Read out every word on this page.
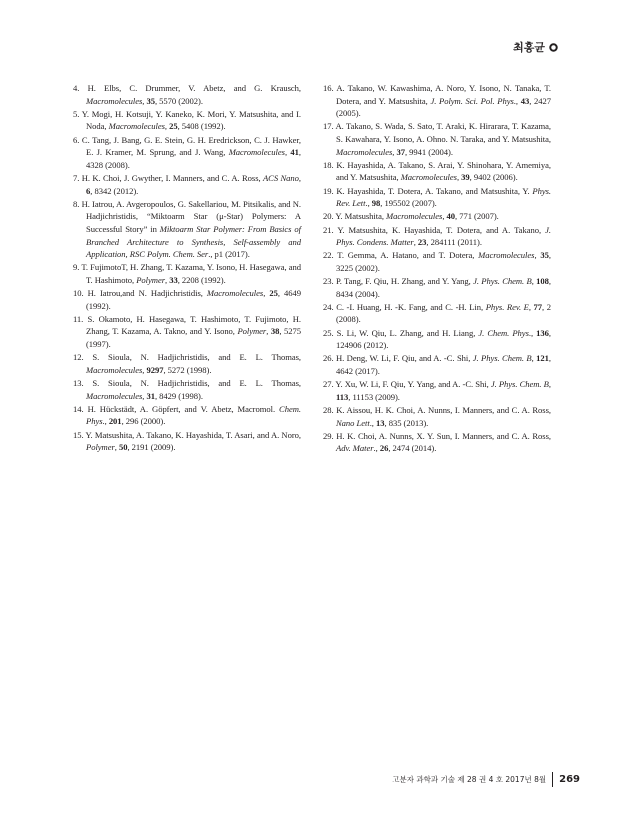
최홍균

4. H. Elbs, C. Drummer, V. Abetz, and G. Krausch, Macromolecules, 35, 5570 (2002).

5. Y. Mogi, H. Kotsuji, Y. Kaneko, K. Mori, Y. Matsushita, and I. Noda, Macromolecules, 25, 5408 (1992).

6. C. Tang, J. Bang, G. E. Stein, G. H. Eredrickson, C. J. Hawker, E. J. Kramer, M. Sprung, and J. Wang, Macromolecules, 41, 4328 (2008).

7. H. K. Choi, J. Gwyther, I. Manners, and C. A. Ross, ACS Nano, 6, 8342 (2012).

8. H. Iatrou, A. Avgeropoulos, G. Sakellariou, M. Pitsikalis, and N. Hadjichristidis, “Miktoarm Star (μ-Star) Polymers: A Successful Story” in Miktoarm Star Polymer: From Basics of Branched Architecture to Synthesis, Self-assembly and Application, RSC Polym. Chem. Ser., p1 (2017).

9. T. FujimotoT, H. Zhang, T. Kazama, Y. Isono, H. Hasegawa, and T. Hashimoto, Polymer, 33, 2208 (1992).

10. H. Iatrou,and N. Hadjichristidis, Macromolecules, 25, 4649 (1992).

11. S. Okamoto, H. Hasegawa, T. Hashimoto, T. Fujimoto, H. Zhang, T. Kazama, A. Takno, and Y. Isono, Polymer, 38, 5275 (1997).

12. S. Sioula, N. Hadjichristidis, and E. L. Thomas, Macromolecules, 9297, 5272 (1998).

13. S. Sioula, N. Hadjichristidis, and E. L. Thomas, Macromolecules, 31, 8429 (1998).

14. H. Hückstädt, A. Göpfert, and V. Abetz, Macromol. Chem. Phys., 201, 296 (2000).

15. Y. Matsushita, A. Takano, K. Hayashida, T. Asari, and A. Noro, Polymer, 50, 2191 (2009).

16. A. Takano, W. Kawashima, A. Noro, Y. Isono, N. Tanaka, T. Dotera, and Y. Matsushita, J. Polym. Sci. Pol. Phys., 43, 2427 (2005).

17. A. Takano, S. Wada, S. Sato, T. Araki, K. Hirarara, T. Kazama, S. Kawahara, Y. Isono, A. Ohno. N. Taraka, and Y. Matsushita, Macromolecules, 37, 9941 (2004).

18. K. Hayashida, A. Takano, S. Arai, Y. Shinohara, Y. Amemiya, and Y. Matsushita, Macromolecules, 39, 9402 (2006).

19. K. Hayashida, T. Dotera, A. Takano, and Matsushita, Y. Phys. Rev. Lett., 98, 195502 (2007).

20. Y. Matsushita, Macromolecules, 40, 771 (2007).

21. Y. Matsushita, K. Hayashida, T. Dotera, and A. Takano, J. Phys. Condens. Matter, 23, 284111 (2011).

22. T. Gemma, A. Hatano, and T. Dotera, Macromolecules, 35, 3225 (2002).

23. P. Tang, F. Qiu, H. Zhang, and Y. Yang, J. Phys. Chem. B, 108, 8434 (2004).

24. C. -I. Huang, H. -K. Fang, and C. -H. Lin, Phys. Rev. E, 77, 2 (2008).

25. S. Li, W. Qiu, L. Zhang, and H. Liang, J. Chem. Phys., 136, 124906 (2012).

26. H. Deng, W. Li, F. Qiu, and A. -C. Shi, J. Phys. Chem. B, 121, 4642 (2017).

27. Y. Xu, W. Li, F. Qiu, Y. Yang, and A. -C. Shi, J. Phys. Chem. B, 113, 11153 (2009).

28. K. Aissou, H. K. Choi, A. Nunns, I. Manners, and C. A. Ross, Nano Lett., 13, 835 (2013).

29. H. K. Choi, A. Nunns, X. Y. Sun, I. Manners, and C. A. Ross, Adv. Mater., 26, 2474 (2014).

고분자 과학과 기술 제 28 권 4 호 2017년 8월 269
